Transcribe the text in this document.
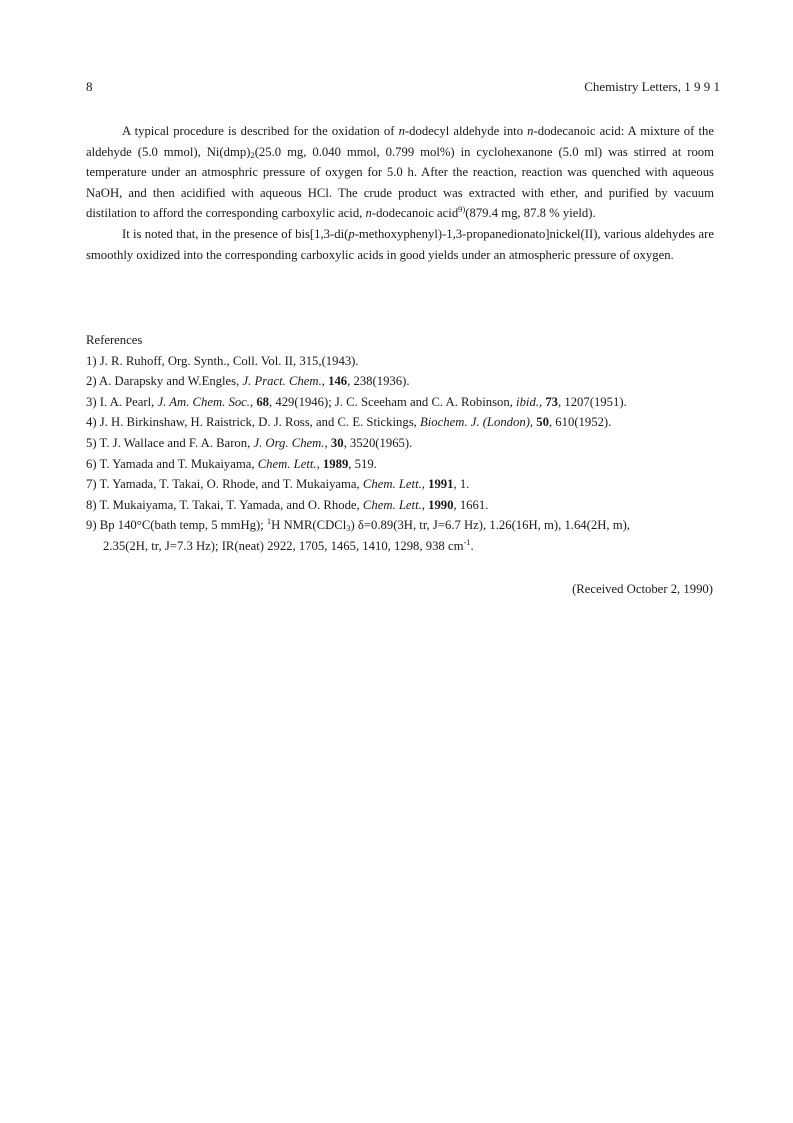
8	Chemistry Letters, 1 9 9 1

A typical procedure is described for the oxidation of n-dodecyl aldehyde into n-dodecanoic acid: A mixture of the aldehyde (5.0 mmol), $Ni(dmp)_2(25.0$ mg, 0.040 mmol, 0.799 mol%) in cyclohexanone (5.0 ml) was stirred at room temperature under an atmosphric pressure of oxygen for 5.0 h. After the reaction, reaction was quenched with aqueous NaOH, and then acidified with aqueous HCl. The crude product was extracted with ether, and purified by vacuum distilation to afford the corresponding carboxylic acid, n-dodecanoic acid$^{9)}$(879.4 mg, 87.8 % yield).

It is noted that, in the presence of bis[1,3-di(p-methoxyphenyl)-1,3-propanedionato]nickel(II), various aldehydes are smoothly oxidized into the corresponding carboxylic acids in good yields under an atmospheric pressure of oxygen.

References

1) J. R. Ruhoff, Org. Synth., Coll. Vol. II, 315,(1943).
2) A. Darapsky and W.Engles, J. Pract. Chem., 146, 238(1936).
3) I. A. Pearl, J. Am. Chem. Soc., 68, 429(1946); J. C. Sceeham and C. A. Robinson, ibid., 73, 1207(1951).
4) J. H. Birkinshaw, H. Raistrick, D. J. Ross, and C. E. Stickings, Biochem. J. (London), 50, 610(1952).
5) T. J. Wallace and F. A. Baron, J. Org. Chem., 30, 3520(1965).
6) T. Yamada and T. Mukaiyama, Chem. Lett., 1989, 519.
7) T. Yamada, T. Takai, O. Rhode, and T. Mukaiyama, Chem. Lett., 1991, 1.
8) T. Mukaiyama, T. Takai, T. Yamada, and O. Rhode, Chem. Lett., 1990, 1661.
9) Bp 140°C(bath temp, 5 mmHg); $^1$H NMR(CDCl$_3$) δ=0.89(3H, tr, J=6.7 Hz), 1.26(16H, m), 1.64(2H, m),
2.35(2H, tr, J=7.3 Hz); IR(neat) 2922, 1705, 1465, 1410, 1298, 938 $cm^{-1}$.
(Received October 2, 1990)
